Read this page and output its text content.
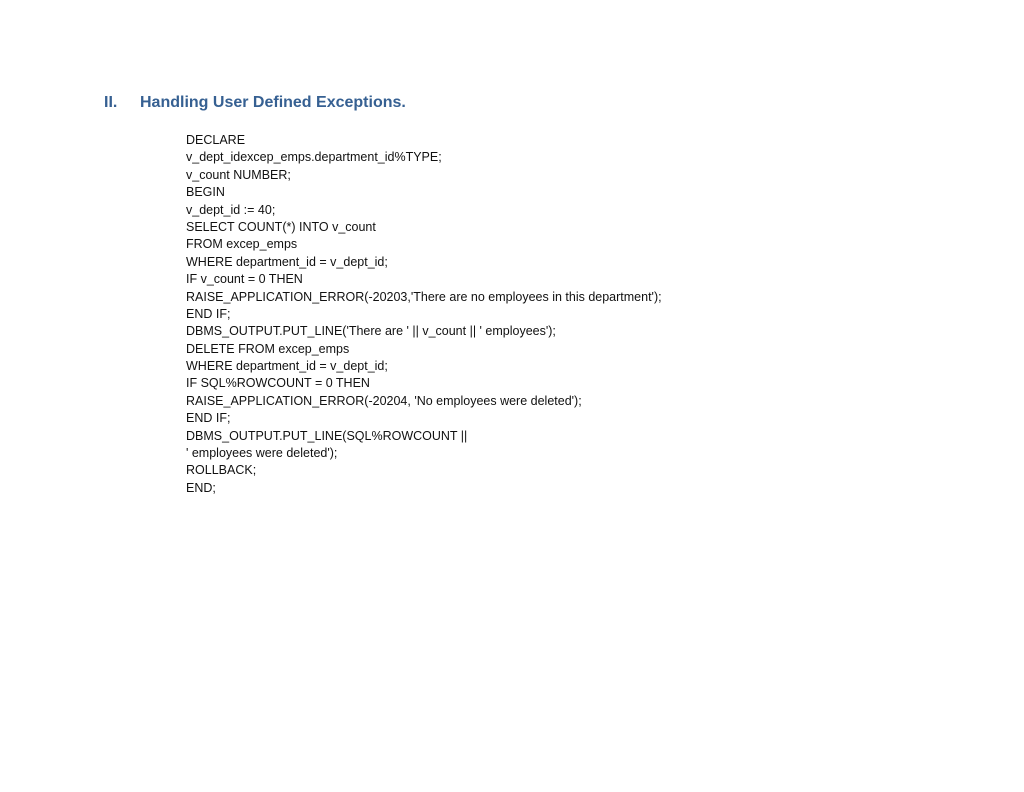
II.	Handling User Defined Exceptions.
DECLARE
v_dept_idexcep_emps.department_id%TYPE;
v_count NUMBER;
BEGIN
v_dept_id := 40;
SELECT COUNT(*) INTO v_count
FROM excep_emps
WHERE department_id = v_dept_id;
IF v_count = 0 THEN
RAISE_APPLICATION_ERROR(-20203,'There are no employees in this department');
END IF;
DBMS_OUTPUT.PUT_LINE('There are ' || v_count || ' employees');
DELETE FROM excep_emps
WHERE department_id = v_dept_id;
IF SQL%ROWCOUNT = 0 THEN
RAISE_APPLICATION_ERROR(-20204, 'No employees were deleted');
END IF;
DBMS_OUTPUT.PUT_LINE(SQL%ROWCOUNT ||
' employees were deleted');
ROLLBACK;
END;
